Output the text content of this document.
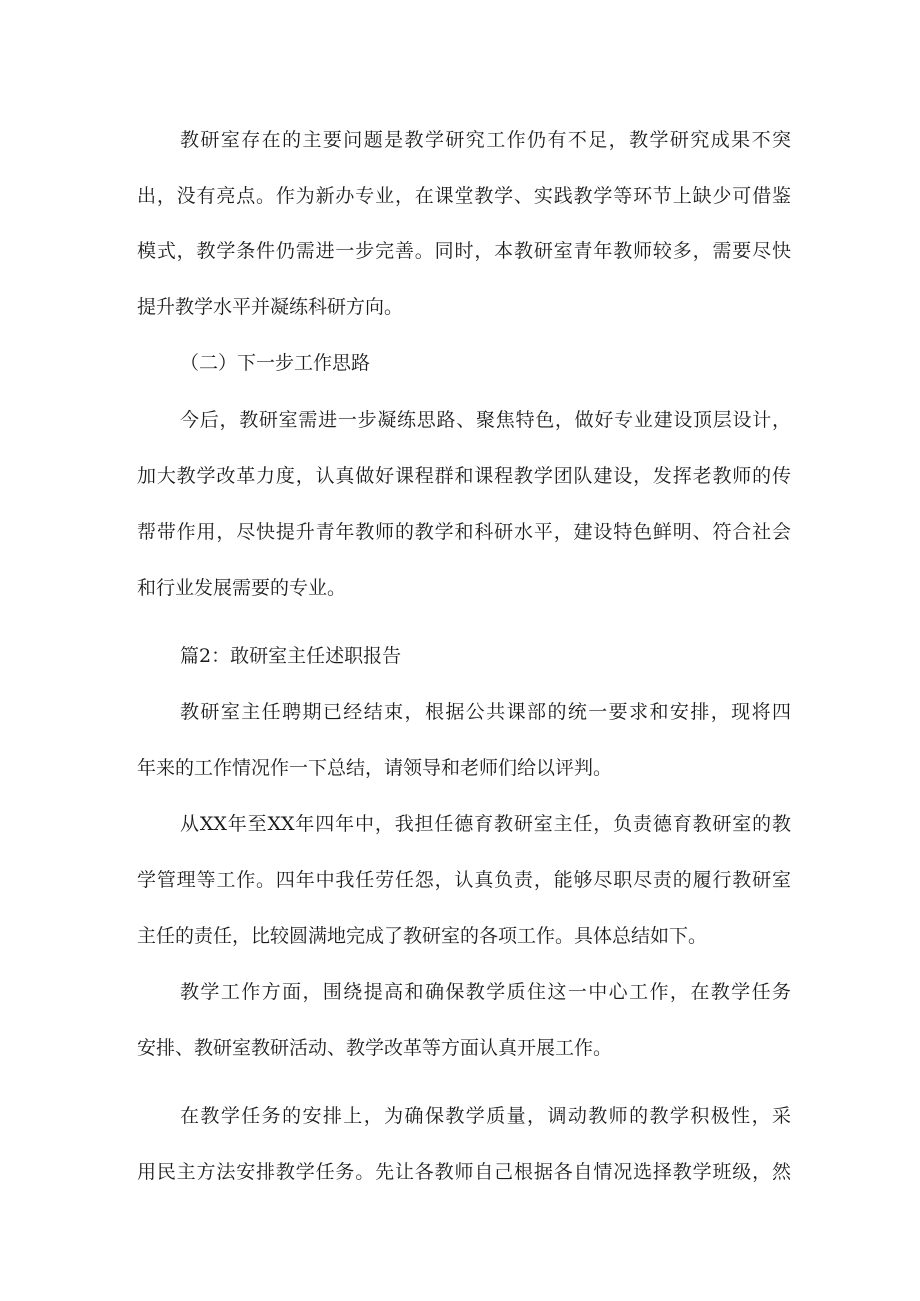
教研室存在的主要问题是教学研究工作仍有不足，教学研究成果不突
出，没有亮点。作为新办专业，在课堂教学、实践教学等环节上缺少可借鉴
模式，教学条件仍需进一步完善。同时，本教研室青年教师较多，需要尽快
提升教学水平并凝练科研方向。
（二）下一步工作思路
今后，教研室需进一步凝练思路、聚焦特色，做好专业建设顶层设计，
加大教学改革力度，认真做好课程群和课程教学团队建设，发挥老教师的传
帮带作用，尽快提升青年教师的教学和科研水平，建设特色鲜明、符合社会
和行业发展需要的专业。
篇2：敢研室主任述职报告
教研室主任聘期已经结束，根据公共课部的统一要求和安排，现将四
年来的工作情况作一下总结，请领导和老师们给以评判。
从XX年至XX年四年中，我担任德育教研室主任，负责德育教研室的教
学管理等工作。四年中我任劳任怨，认真负责，能够尽职尽责的履行教研室
主任的责任，比较圆满地完成了教研室的各项工作。具体总结如下。
教学工作方面，围绕提高和确保教学质住这一中心工作，在教学任务
安排、教研室教研活动、教学改革等方面认真开展工作。
在教学任务的安排上，为确保教学质量，调动教师的教学积极性，采
用民主方法安排教学任务。先让各教师自己根据各自情况选择教学班级，然
